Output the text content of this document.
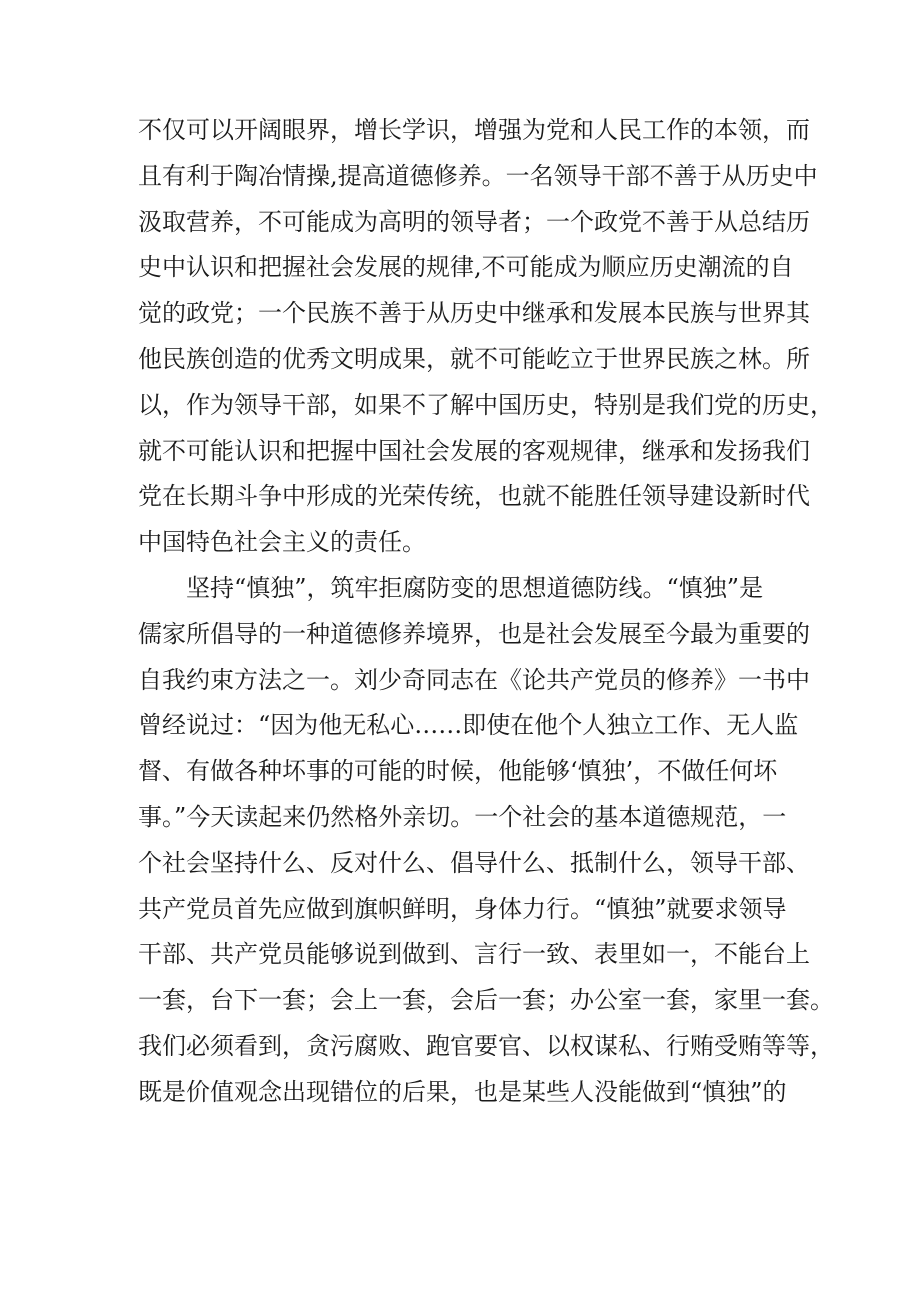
不仅可以开阔眼界，增长学识，增强为党和人民工作的本领，而
且有利于陶冶情操,提高道德修养。一名领导干部不善于从历史中
汲取营养，不可能成为高明的领导者；一个政党不善于从总结历
史中认识和把握社会发展的规律,不可能成为顺应历史潮流的自
觉的政党；一个民族不善于从历史中继承和发展本民族与世界其
他民族创造的优秀文明成果，就不可能屹立于世界民族之林。所
以，作为领导干部，如果不了解中国历史，特别是我们党的历史，
就不可能认识和把握中国社会发展的客观规律，继承和发扬我们
党在长期斗争中形成的光荣传统，也就不能胜任领导建设新时代
中国特色社会主义的责任。
坚持“慎独”，筑牢拒腐防变的思想道德防线。“慎独”是
儒家所倡导的一种道德修养境界，也是社会发展至今最为重要的
自我约束方法之一。刘少奇同志在《论共产党员的修养》一书中
曾经说过：“因为他无私心……即使在他个人独立工作、无人监
督、有做各种坏事的可能的时候，他能够‘慎独’，不做任何坏
事。”今天读起来仍然格外亲切。一个社会的基本道德规范，一
个社会坚持什么、反对什么、倡导什么、抵制什么，领导干部、
共产党员首先应做到旗帜鲜明，身体力行。“慎独”就要求领导
干部、共产党员能够说到做到、言行一致、表里如一，不能台上
一套，台下一套；会上一套，会后一套；办公室一套，家里一套。
我们必须看到，贪污腐败、跑官要官、以权谋私、行贿受贿等等，
既是价值观念出现错位的后果，也是某些人没能做到“慎独”的
